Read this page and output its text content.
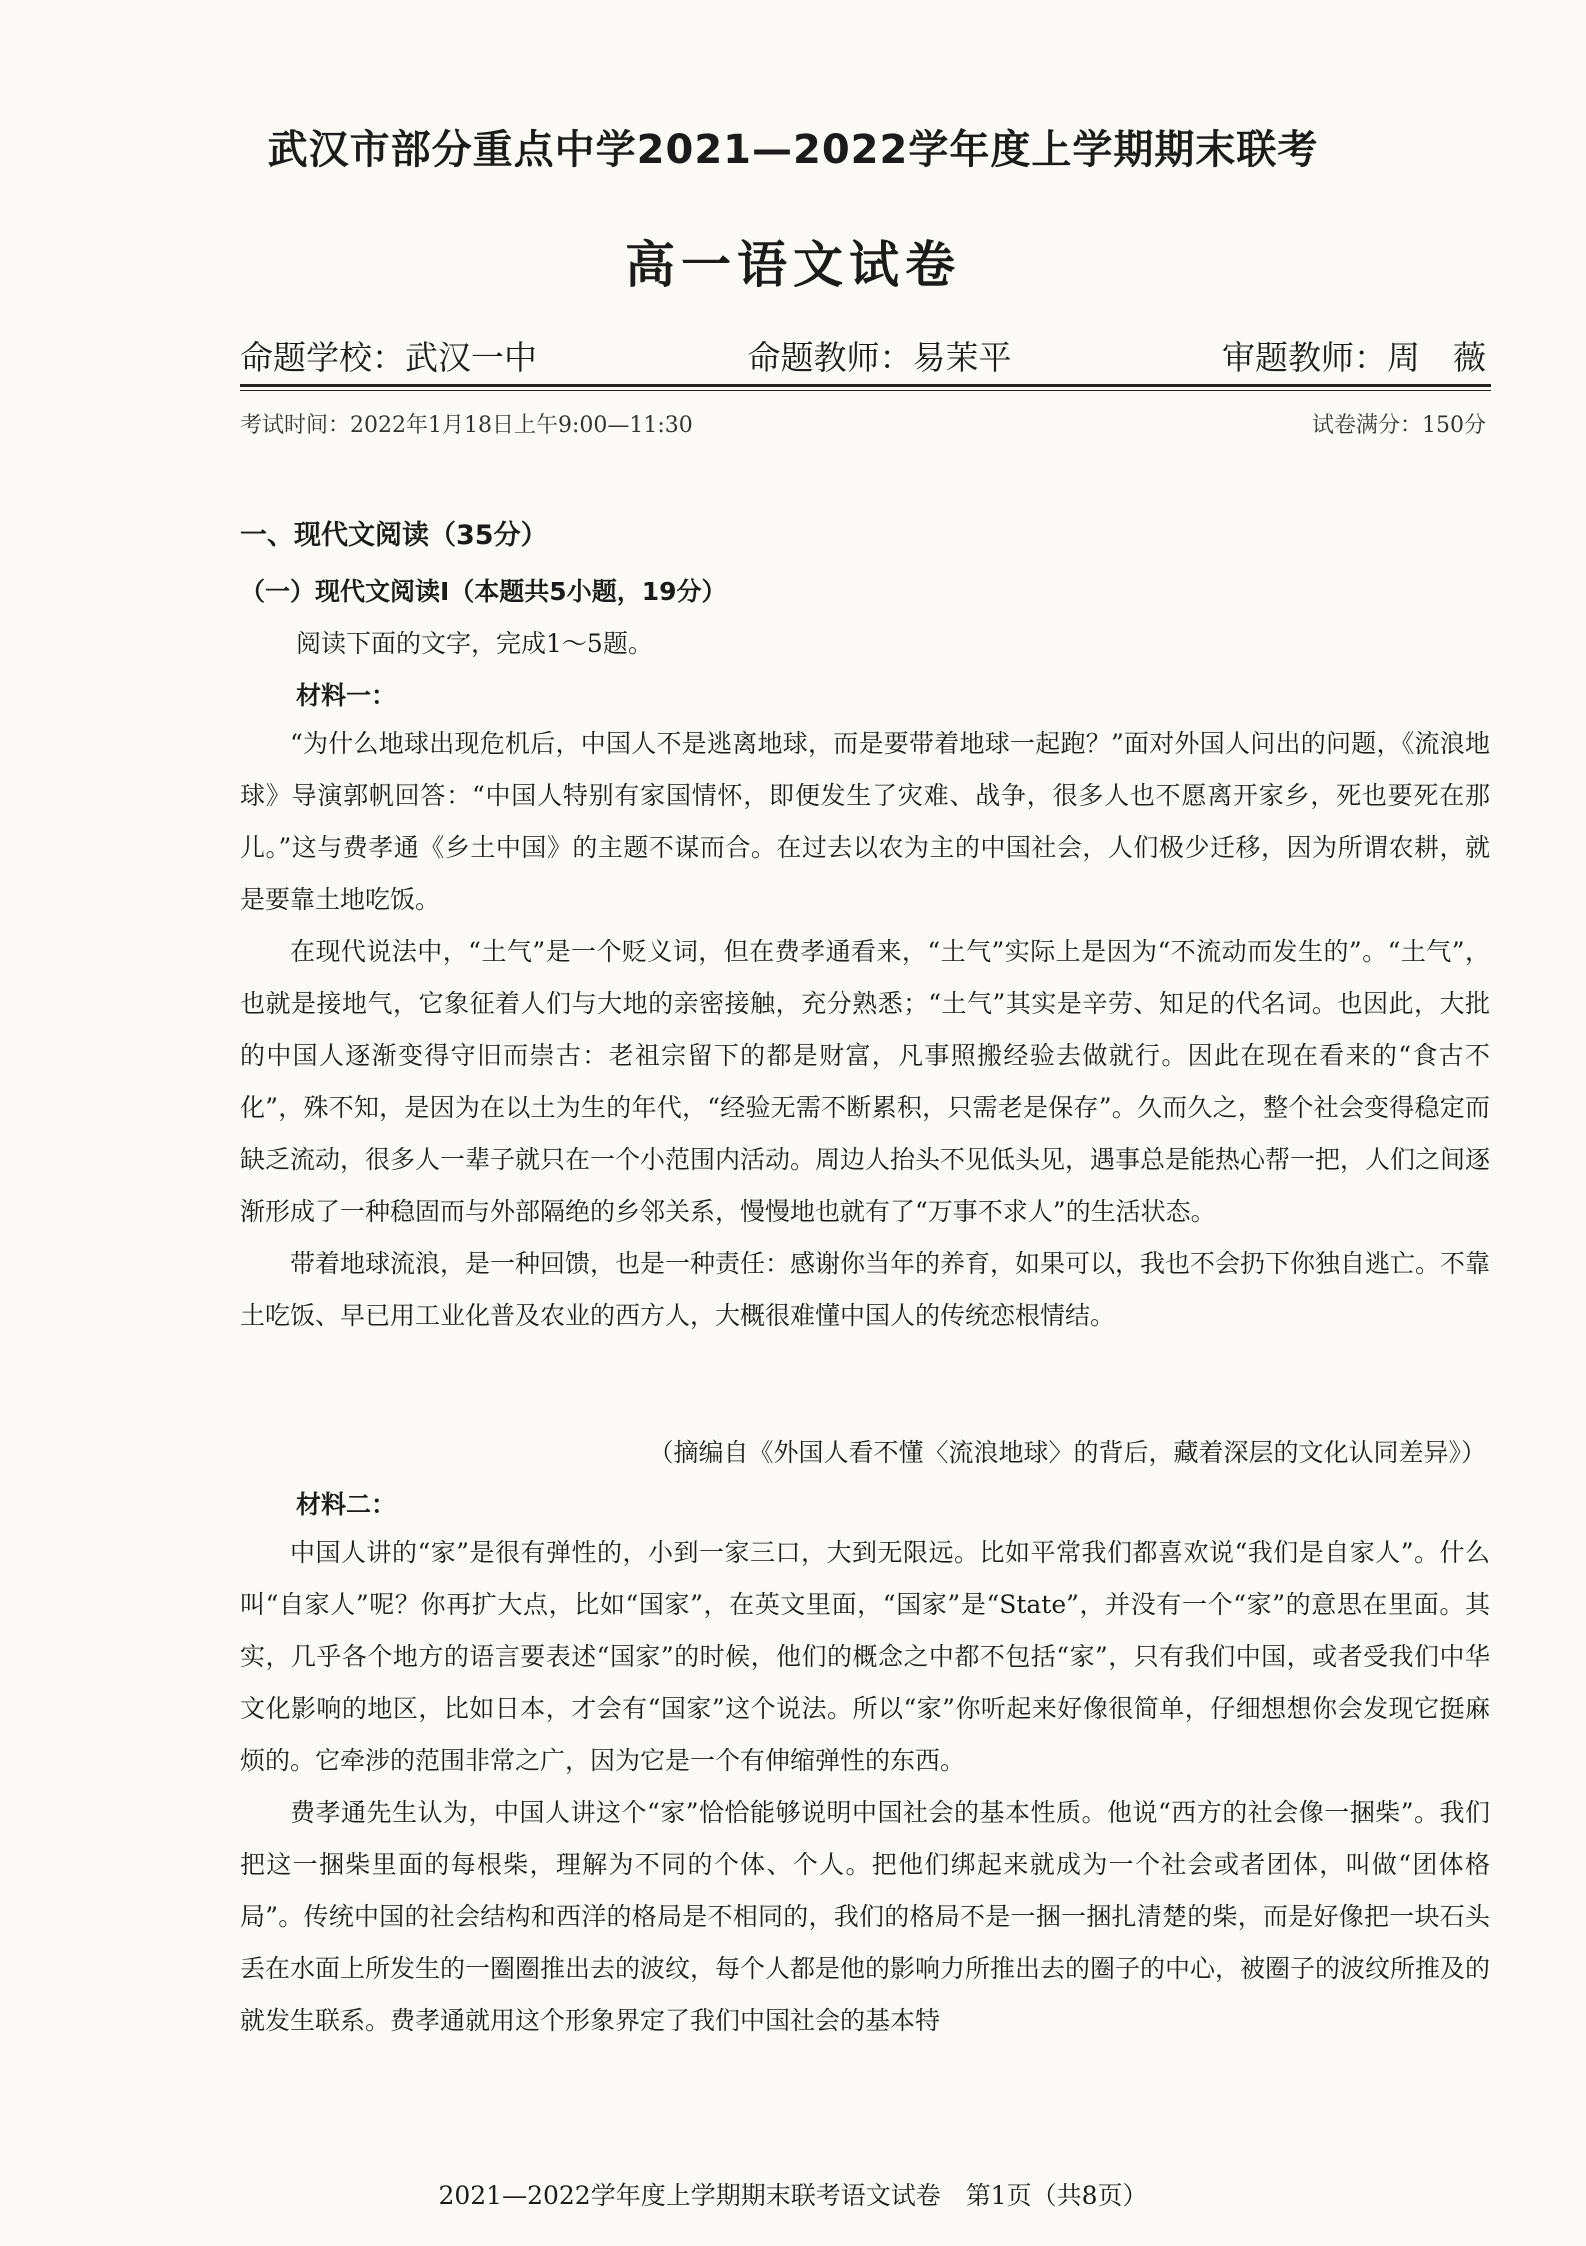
武汉市部分重点中学2021—2022学年度上学期期末联考
高一语文试卷
命题学校：武汉一中	命题教师：易茉平	审题教师：周　薇
考试时间：2022年1月18日上午9:00—11:30	试卷满分：150分
一、现代文阅读（35分）
（一）现代文阅读Ⅰ（本题共5小题，19分）
阅读下面的文字，完成1～5题。
材料一：

“为什么地球出现危机后，中国人不是逃离地球，而是要带着地球一起跑？”面对外国人问出的问题，《流浪地球》导演郭帆回答：“中国人特别有家国情怀，即便发生了灾难、战争，很多人也不愿离开家乡，死也要死在那儿。”这与费孝通《乡土中国》的主题不谋而合。在过去以农为主的中国社会，人们极少迁移，因为所谓农耕，就是要靠土地吃饭。

在现代说法中，“土气”是一个贬义词，但在费孝通看来，“土气”实际上是因为“不流动而发生的”。“土气”，也就是接地气，它象征着人们与大地的亲密接触，充分熟悉；“土气”其实是辛劳、知足的代名词。也因此，大批的中国人逐渐变得守旧而崇古：老祖宗留下的都是财富，凡事照搬经验去做就行。因此在现在看来的“食古不化”，殊不知，是因为在以土为生的年代，“经验无需不断累积，只需老是保存”。久而久之，整个社会变得稳定而缺乏流动，很多人一辈子就只在一个小范围内活动。周边人抬头不见低头见，遇事总是能热心帮一把，人们之间逐渐形成了一种稳固而与外部隔绝的乡邻关系，慢慢地也就有了“万事不求人”的生活状态。

带着地球流浪，是一种回馈，也是一种责任：感谢你当年的养育，如果可以，我也不会扔下你独自逃亡。不靠土吃饭、早已用工业化普及农业的西方人，大概很难懂中国人的传统恋根情结。

（摘编自《外国人看不懂〈流浪地球〉的背后，藏着深层的文化认同差异》）
材料二：

中国人讲的“家”是很有弹性的，小到一家三口，大到无限远。比如平常我们都喜欢说“我们是自家人”。什么叫“自家人”呢？你再扩大点，比如“国家”，在英文里面，“国家”是“State”，并没有一个“家”的意思在里面。其实，几乎各个地方的语言要表述“国家”的时候，他们的概念之中都不包括“家”，只有我们中国，或者受我们中华文化影响的地区，比如日本，才会有“国家”这个说法。所以“家”你听起来好像很简单，仔细想想你会发现它挺麻烦的。它牵涉的范围非常之广，因为它是一个有伸缩弹性的东西。

费孝通先生认为，中国人讲这个“家”恰恰能够说明中国社会的基本性质。他说“西方的社会像一捆柴”。我们把这一捆柴里面的每根柴，理解为不同的个体、个人。把他们绑起来就成为一个社会或者团体，叫做“团体格局”。传统中国的社会结构和西洋的格局是不相同的，我们的格局不是一捆一捆扎清楚的柴，而是好像把一块石头丢在水面上所发生的一圈圈推出去的波纹，每个人都是他的影响力所推出去的圈子的中心，被圈子的波纹所推及的就发生联系。费孝通就用这个形象界定了我们中国社会的基本特

2021—2022学年度上学期期末联考语文试卷　第1页（共8页）
